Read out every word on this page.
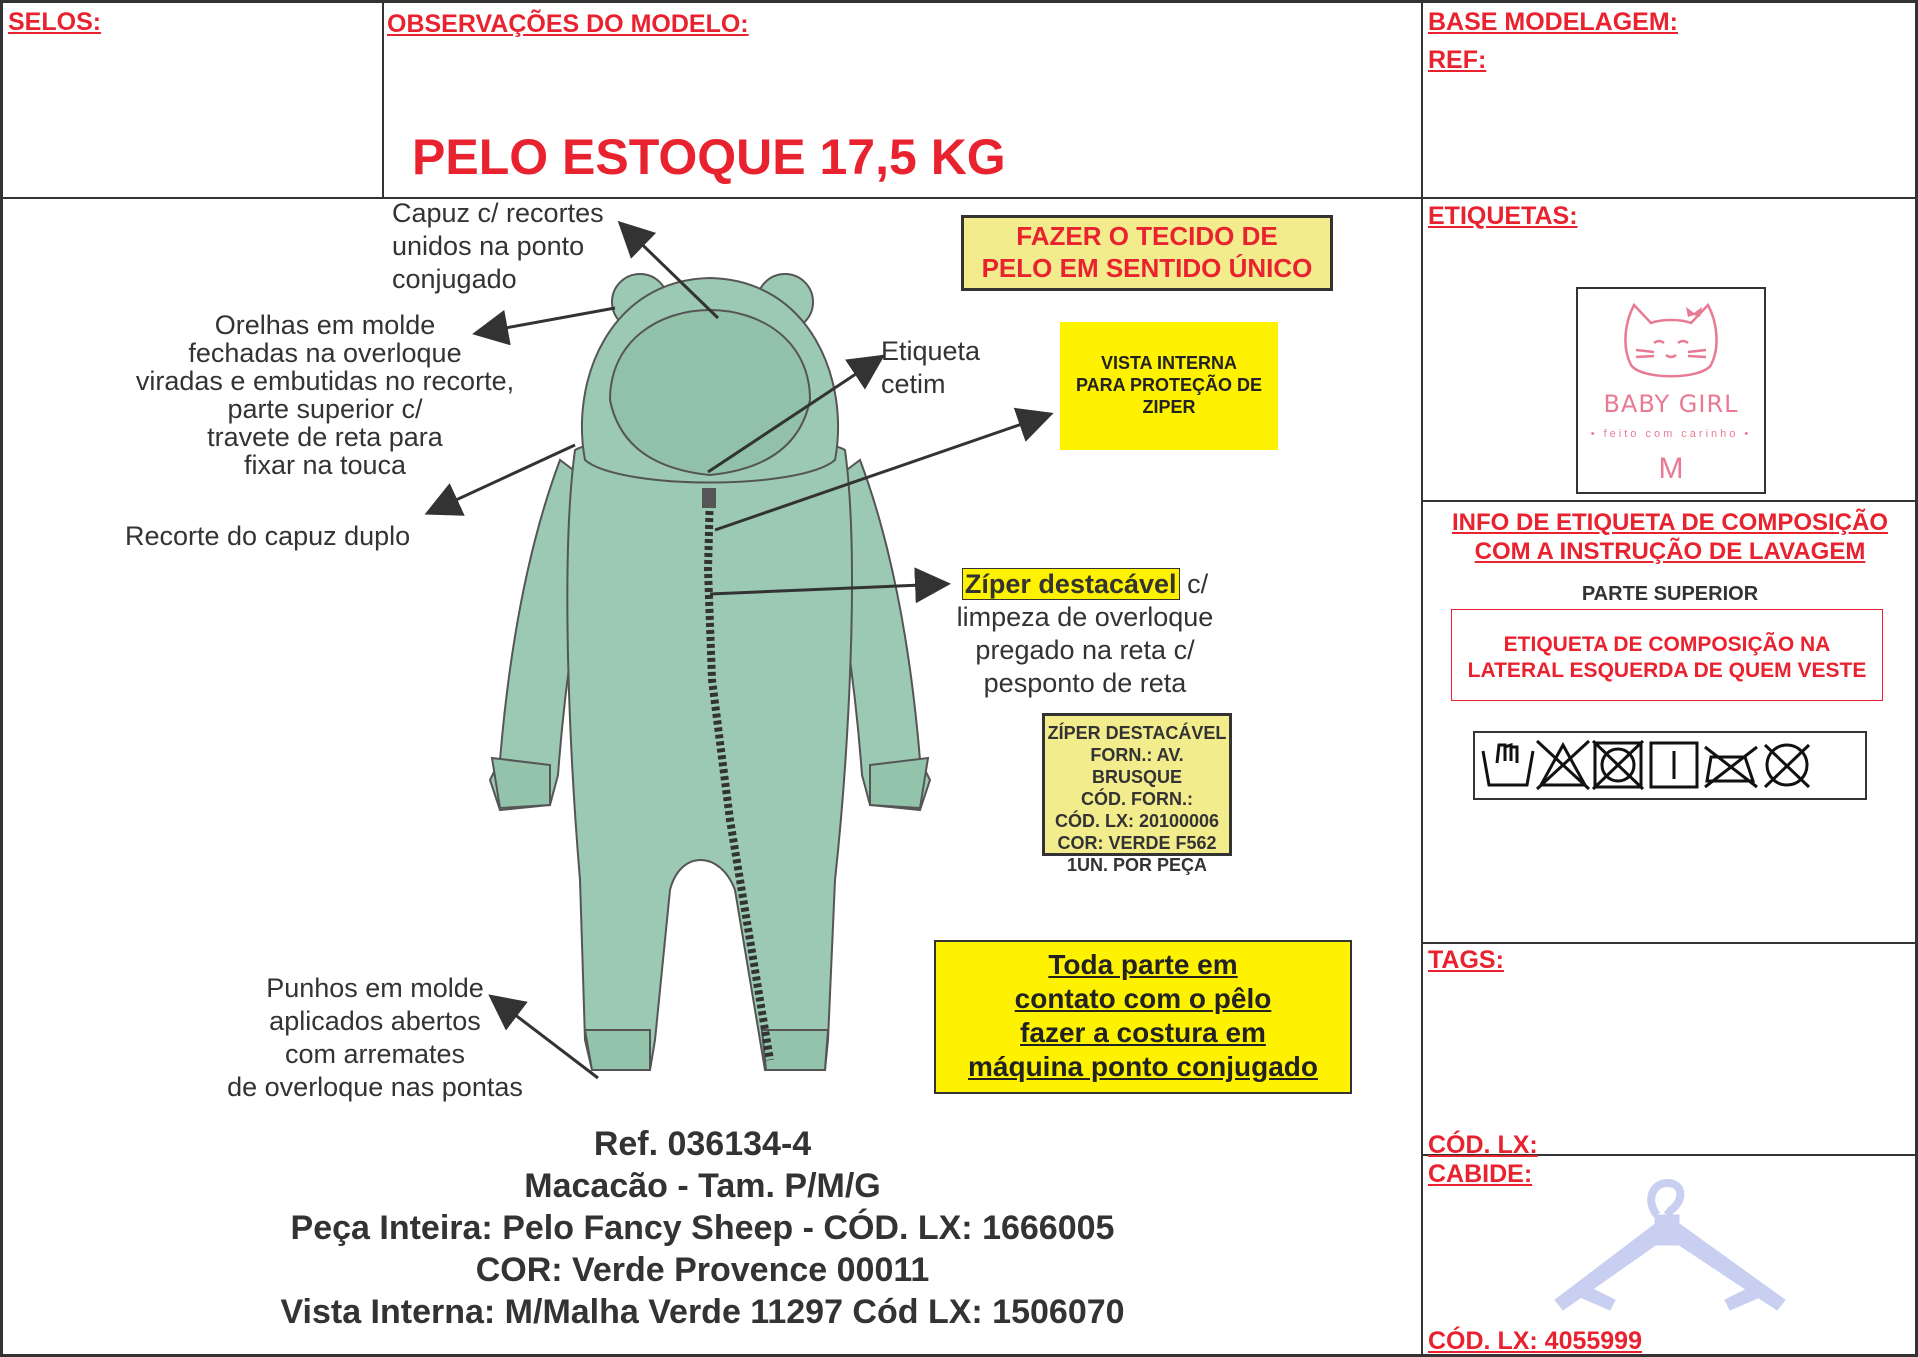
SELOS:	OBSERVAÇÕES DO MODELO:	BASE MODELAGEM:
REF:
ETIQUETAS:
TAGS:
CÓD. LX:
CABIDE:
CÓD. LX: 4055999
PELO ESTOQUE 17,5 KG
Capuz c/ recortes
unidos na ponto
conjugado
Orelhas em molde
fechadas na overloque
viradas e embutidas no recorte,
parte superior c/
travete de reta para
fixar na touca
Recorte do capuz duplo
Etiqueta
cetim
Zíper destacável c/
limpeza de overloque
pregado na reta c/
pesponto de reta
Punhos em molde
aplicados abertos
com arremates
de overloque nas pontas
FAZER O TECIDO DE
PELO EM SENTIDO ÚNICO
VISTA INTERNA
PARA PROTEÇÃO DE
ZIPER
ZÍPER DESTACÁVEL
FORN.: AV. BRUSQUE
CÓD. FORN.:
CÓD. LX: 20100006
COR: VERDE F562
1UN. POR PEÇA
Toda parte em
contato com o pêlo
fazer a costura em
máquina ponto conjugado
BABY GIRL
• feito com carinho •
M
INFO DE ETIQUETA DE COMPOSIÇÃO
COM A INSTRUÇÃO DE LAVAGEM
PARTE SUPERIOR
ETIQUETA DE COMPOSIÇÃO NA
LATERAL ESQUERDA DE QUEM VESTE
Ref. 036134-4
Macacão - Tam. P/M/G
Peça Inteira: Pelo Fancy Sheep - CÓD. LX: 1666005
COR: Verde Provence 00011
Vista Interna: M/Malha Verde 11297 Cód LX: 1506070
